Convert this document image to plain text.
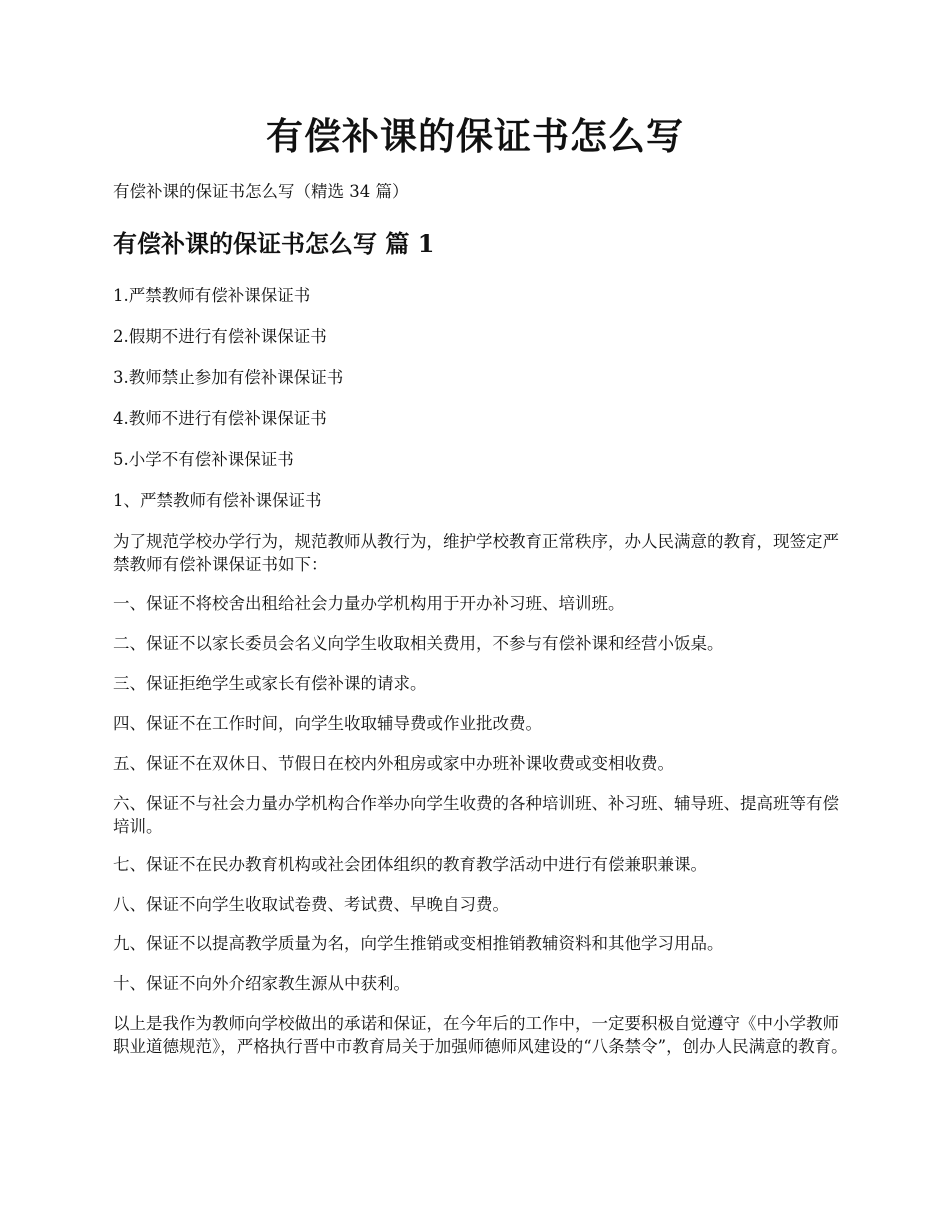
有偿补课的保证书怎么写

有偿补课的保证书怎么写（精选 34 篇）

有偿补课的保证书怎么写 篇 1

1.严禁教师有偿补课保证书

2.假期不进行有偿补课保证书

3.教师禁止参加有偿补课保证书

4.教师不进行有偿补课保证书

5.小学不有偿补课保证书

1、严禁教师有偿补课保证书

为了规范学校办学行为，规范教师从教行为，维护学校教育正常秩序，办人民满意的教育，现签定严禁教师有偿补课保证书如下：

一、保证不将校舍出租给社会力量办学机构用于开办补习班、培训班。

二、保证不以家长委员会名义向学生收取相关费用，不参与有偿补课和经营小饭桌。

三、保证拒绝学生或家长有偿补课的请求。

四、保证不在工作时间，向学生收取辅导费或作业批改费。

五、保证不在双休日、节假日在校内外租房或家中办班补课收费或变相收费。

六、保证不与社会力量办学机构合作举办向学生收费的各种培训班、补习班、辅导班、提高班等有偿培训。

七、保证不在民办教育机构或社会团体组织的教育教学活动中进行有偿兼职兼课。

八、保证不向学生收取试卷费、考试费、早晚自习费。

九、保证不以提高教学质量为名，向学生推销或变相推销教辅资料和其他学习用品。

十、保证不向外介绍家教生源从中获利。

以上是我作为教师向学校做出的承诺和保证，在今年后的工作中，一定要积极自觉遵守《中小学教师职业道德规范》，严格执行晋中市教育局关于加强师德师风建设的“八条禁令”，创办人民满意的教育。
